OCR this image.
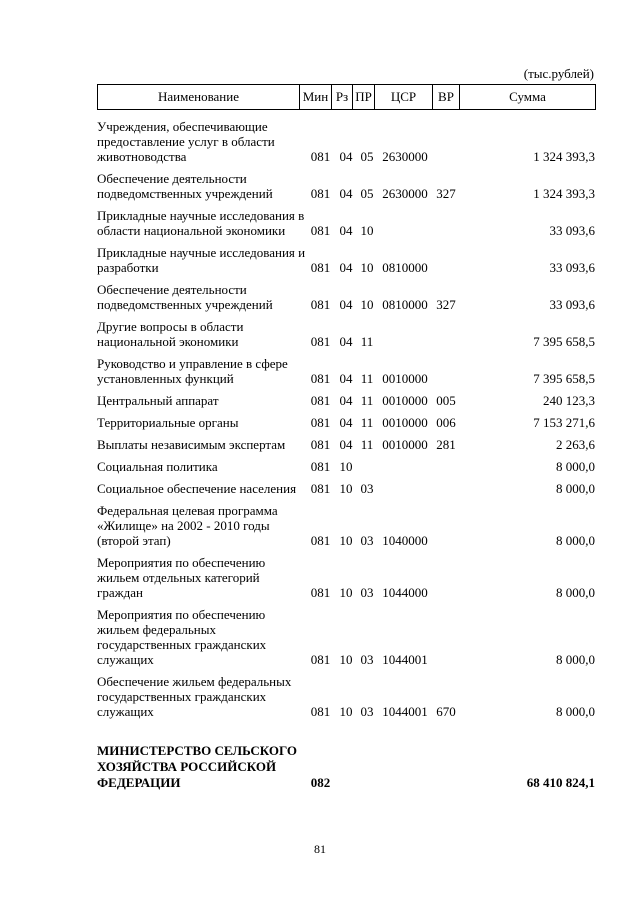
(тыс.рублей)
Наименование	Мин	Рз	ПР	ЦСР	ВР	Сумма
Учреждения, обеспечивающие предоставление услуг в области животноводства	081	04	05	2630000		1 324 393,3
Обеспечение деятельности подведомственных учреждений	081	04	05	2630000	327	1 324 393,3
Прикладные научные исследования в области национальной экономики	081	04	10			33 093,6
Прикладные научные исследования и разработки	081	04	10	0810000		33 093,6
Обеспечение деятельности подведомственных учреждений	081	04	10	0810000	327	33 093,6
Другие вопросы в области национальной экономики	081	04	11			7 395 658,5
Руководство и управление в сфере установленных функций	081	04	11	0010000		7 395 658,5
Центральный аппарат	081	04	11	0010000	005	240 123,3
Территориальные органы	081	04	11	0010000	006	7 153 271,6
Выплаты независимым экспертам	081	04	11	0010000	281	2 263,6
Социальная политика	081	10				8 000,0
Социальное обеспечение населения	081	10	03			8 000,0
Федеральная целевая программа «Жилище» на 2002 - 2010 годы (второй этап)	081	10	03	1040000		8 000,0
Мероприятия по обеспечению жильем отдельных категорий граждан	081	10	03	1044000		8 000,0
Мероприятия по обеспечению жильем федеральных государственных гражданских служащих	081	10	03	1044001		8 000,0
Обеспечение жильем федеральных государственных гражданских служащих	081	10	03	1044001	670	8 000,0
МИНИСТЕРСТВО СЕЛЬСКОГО ХОЗЯЙСТВА РОССИЙСКОЙ ФЕДЕРАЦИИ	082					68 410 824,1
81
